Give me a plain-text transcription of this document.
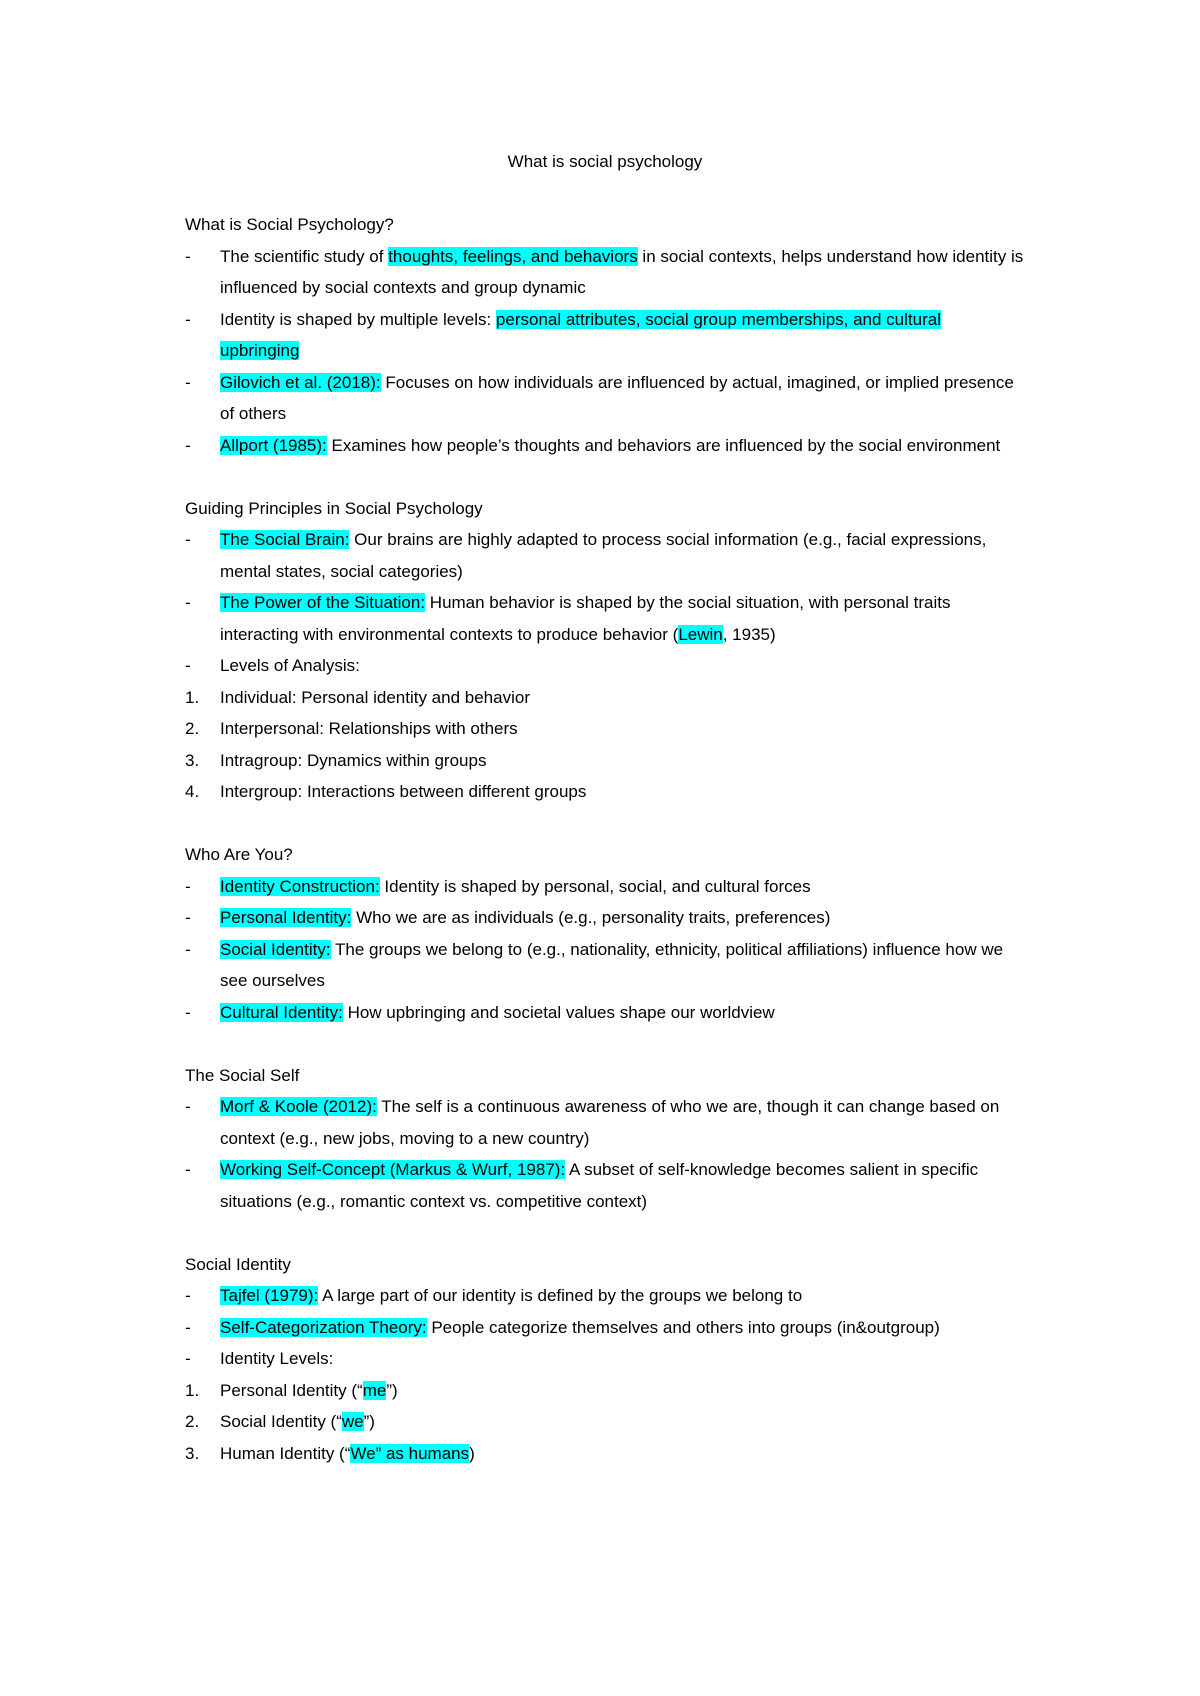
What is social psychology
What is Social Psychology?
- The scientific study of thoughts, feelings, and behaviors in social contexts, helps understand how identity is influenced by social contexts and group dynamic
- Identity is shaped by multiple levels: personal attributes, social group memberships, and cultural upbringing
- Gilovich et al. (2018): Focuses on how individuals are influenced by actual, imagined, or implied presence of others
- Allport (1985): Examines how people’s thoughts and behaviors are influenced by the social environment
Guiding Principles in Social Psychology
- The Social Brain: Our brains are highly adapted to process social information (e.g., facial expressions, mental states, social categories)
- The Power of the Situation: Human behavior is shaped by the social situation, with personal traits interacting with environmental contexts to produce behavior (Lewin, 1935)
- Levels of Analysis:
1. Individual: Personal identity and behavior
2. Interpersonal: Relationships with others
3. Intragroup: Dynamics within groups
4. Intergroup: Interactions between different groups
Who Are You?
- Identity Construction: Identity is shaped by personal, social, and cultural forces
- Personal Identity: Who we are as individuals (e.g., personality traits, preferences)
- Social Identity: The groups we belong to (e.g., nationality, ethnicity, political affiliations) influence how we see ourselves
- Cultural Identity: How upbringing and societal values shape our worldview
The Social Self
- Morf & Koole (2012): The self is a continuous awareness of who we are, though it can change based on context (e.g., new jobs, moving to a new country)
- Working Self-Concept (Markus & Wurf, 1987): A subset of self-knowledge becomes salient in specific situations (e.g., romantic context vs. competitive context)
Social Identity
- Tajfel (1979): A large part of our identity is defined by the groups we belong to
- Self-Categorization Theory: People categorize themselves and others into groups (in&outgroup)
- Identity Levels:
1. Personal Identity (“me”)
2. Social Identity (“we”)
3. Human Identity (“We” as humans)
